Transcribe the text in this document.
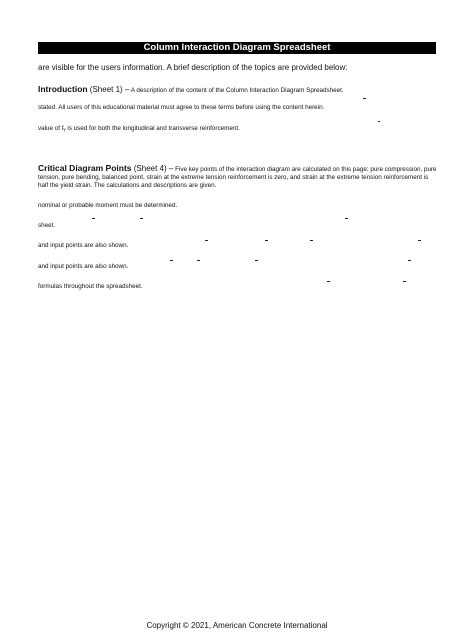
Column Interaction Diagram Spreadsheet
are visible for the users information. A brief description of the topics are provided below:
Introduction (Sheet 1) – A description of the content of the Column Interaction Diagram Spreadsheet.
stated. All users of this educational material must agree to these terms before using the content herein.
value of fᵧ is used for both the longitudinal and transverse reinforcement.
Critical Diagram Points (Sheet 4) – Five key points of the interaction diagram are calculated on this page: pure compression, pure tension, pure bending, balanced point, strain at the extreme tension reinforcement is zero, and strain at the extreme tension reinforcement is half the yield strain. The calculations and descriptions are given.
nominal or probable moment must be determined.
sheet.
and input points are also shown.
and input points are also shown.
formulas throughout the spreadsheet.
Copyright © 2021, American Concrete International
